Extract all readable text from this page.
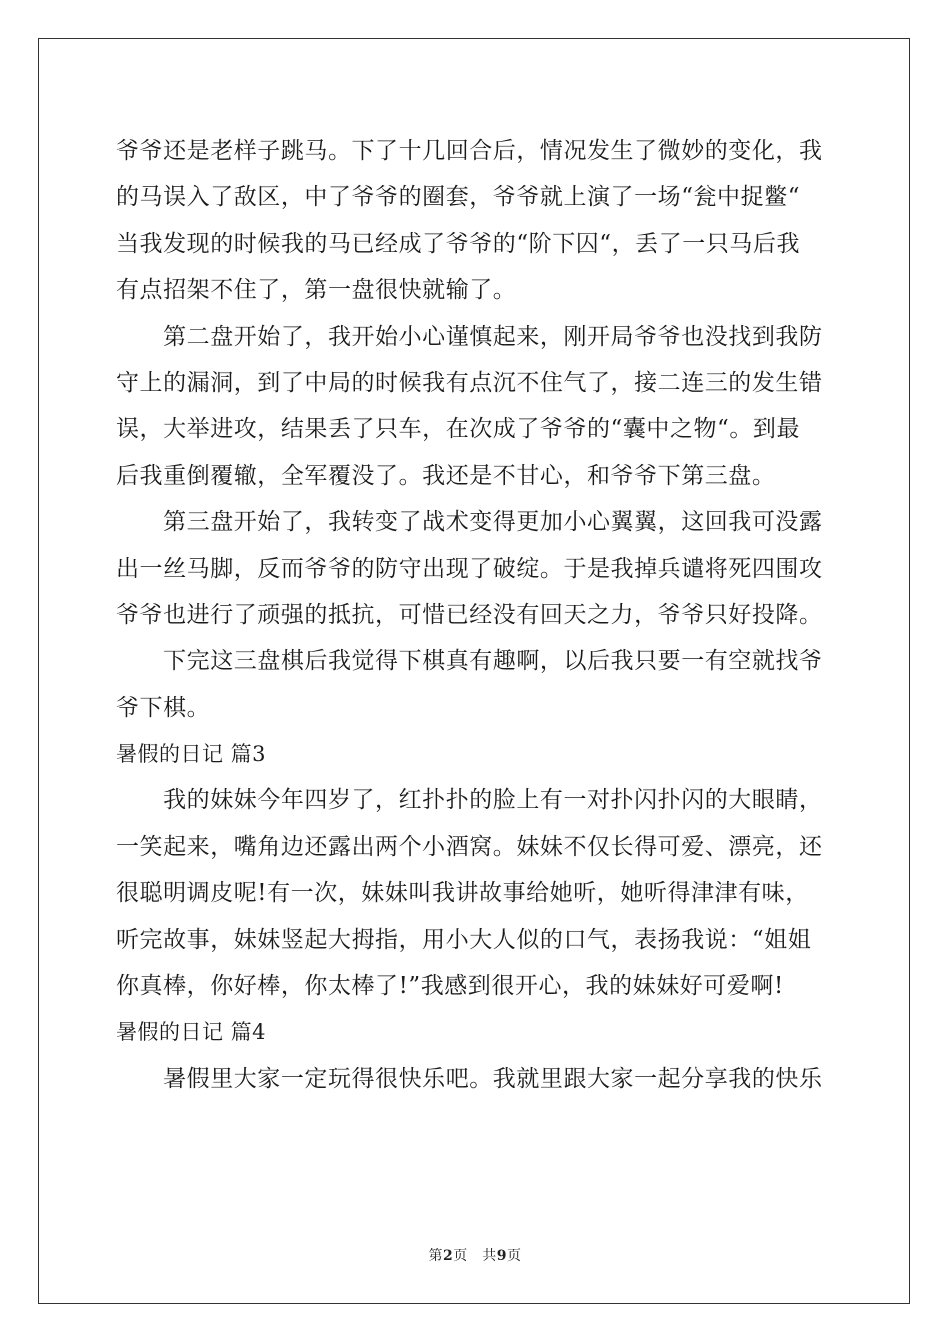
爷爷还是老样子跳马。下了十几回合后，情况发生了微妙的变化，我
的马误入了敌区，中了爷爷的圈套，爷爷就上演了一场“瓮中捉鳖“
当我发现的时候我的马已经成了爷爷的“阶下囚“，丢了一只马后我
有点招架不住了，第一盘很快就输了。
　　第二盘开始了，我开始小心谨慎起来，刚开局爷爷也没找到我防
守上的漏洞，到了中局的时候我有点沉不住气了，接二连三的发生错
误，大举进攻，结果丢了只车，在次成了爷爷的“囊中之物“。到最
后我重倒覆辙，全军覆没了。我还是不甘心，和爷爷下第三盘。
　　第三盘开始了，我转变了战术变得更加小心翼翼，这回我可没露
出一丝马脚，反而爷爷的防守出现了破绽。于是我掉兵谴将死四围攻
爷爷也进行了顽强的抵抗，可惜已经没有回天之力，爷爷只好投降。
　　下完这三盘棋后我觉得下棋真有趣啊，以后我只要一有空就找爷
爷下棋。
暑假的日记 篇3
　　我的妹妹今年四岁了，红扑扑的脸上有一对扑闪扑闪的大眼睛，
一笑起来，嘴角边还露出两个小酒窝。妹妹不仅长得可爱、漂亮，还
很聪明调皮呢!有一次，妹妹叫我讲故事给她听，她听得津津有味，
听完故事，妹妹竖起大拇指，用小大人似的口气，表扬我说：“姐姐
你真棒，你好棒，你太棒了!”我感到很开心，我的妹妹好可爱啊!
暑假的日记 篇4
　　暑假里大家一定玩得很快乐吧。我就里跟大家一起分享我的快乐
第2页　共9页
